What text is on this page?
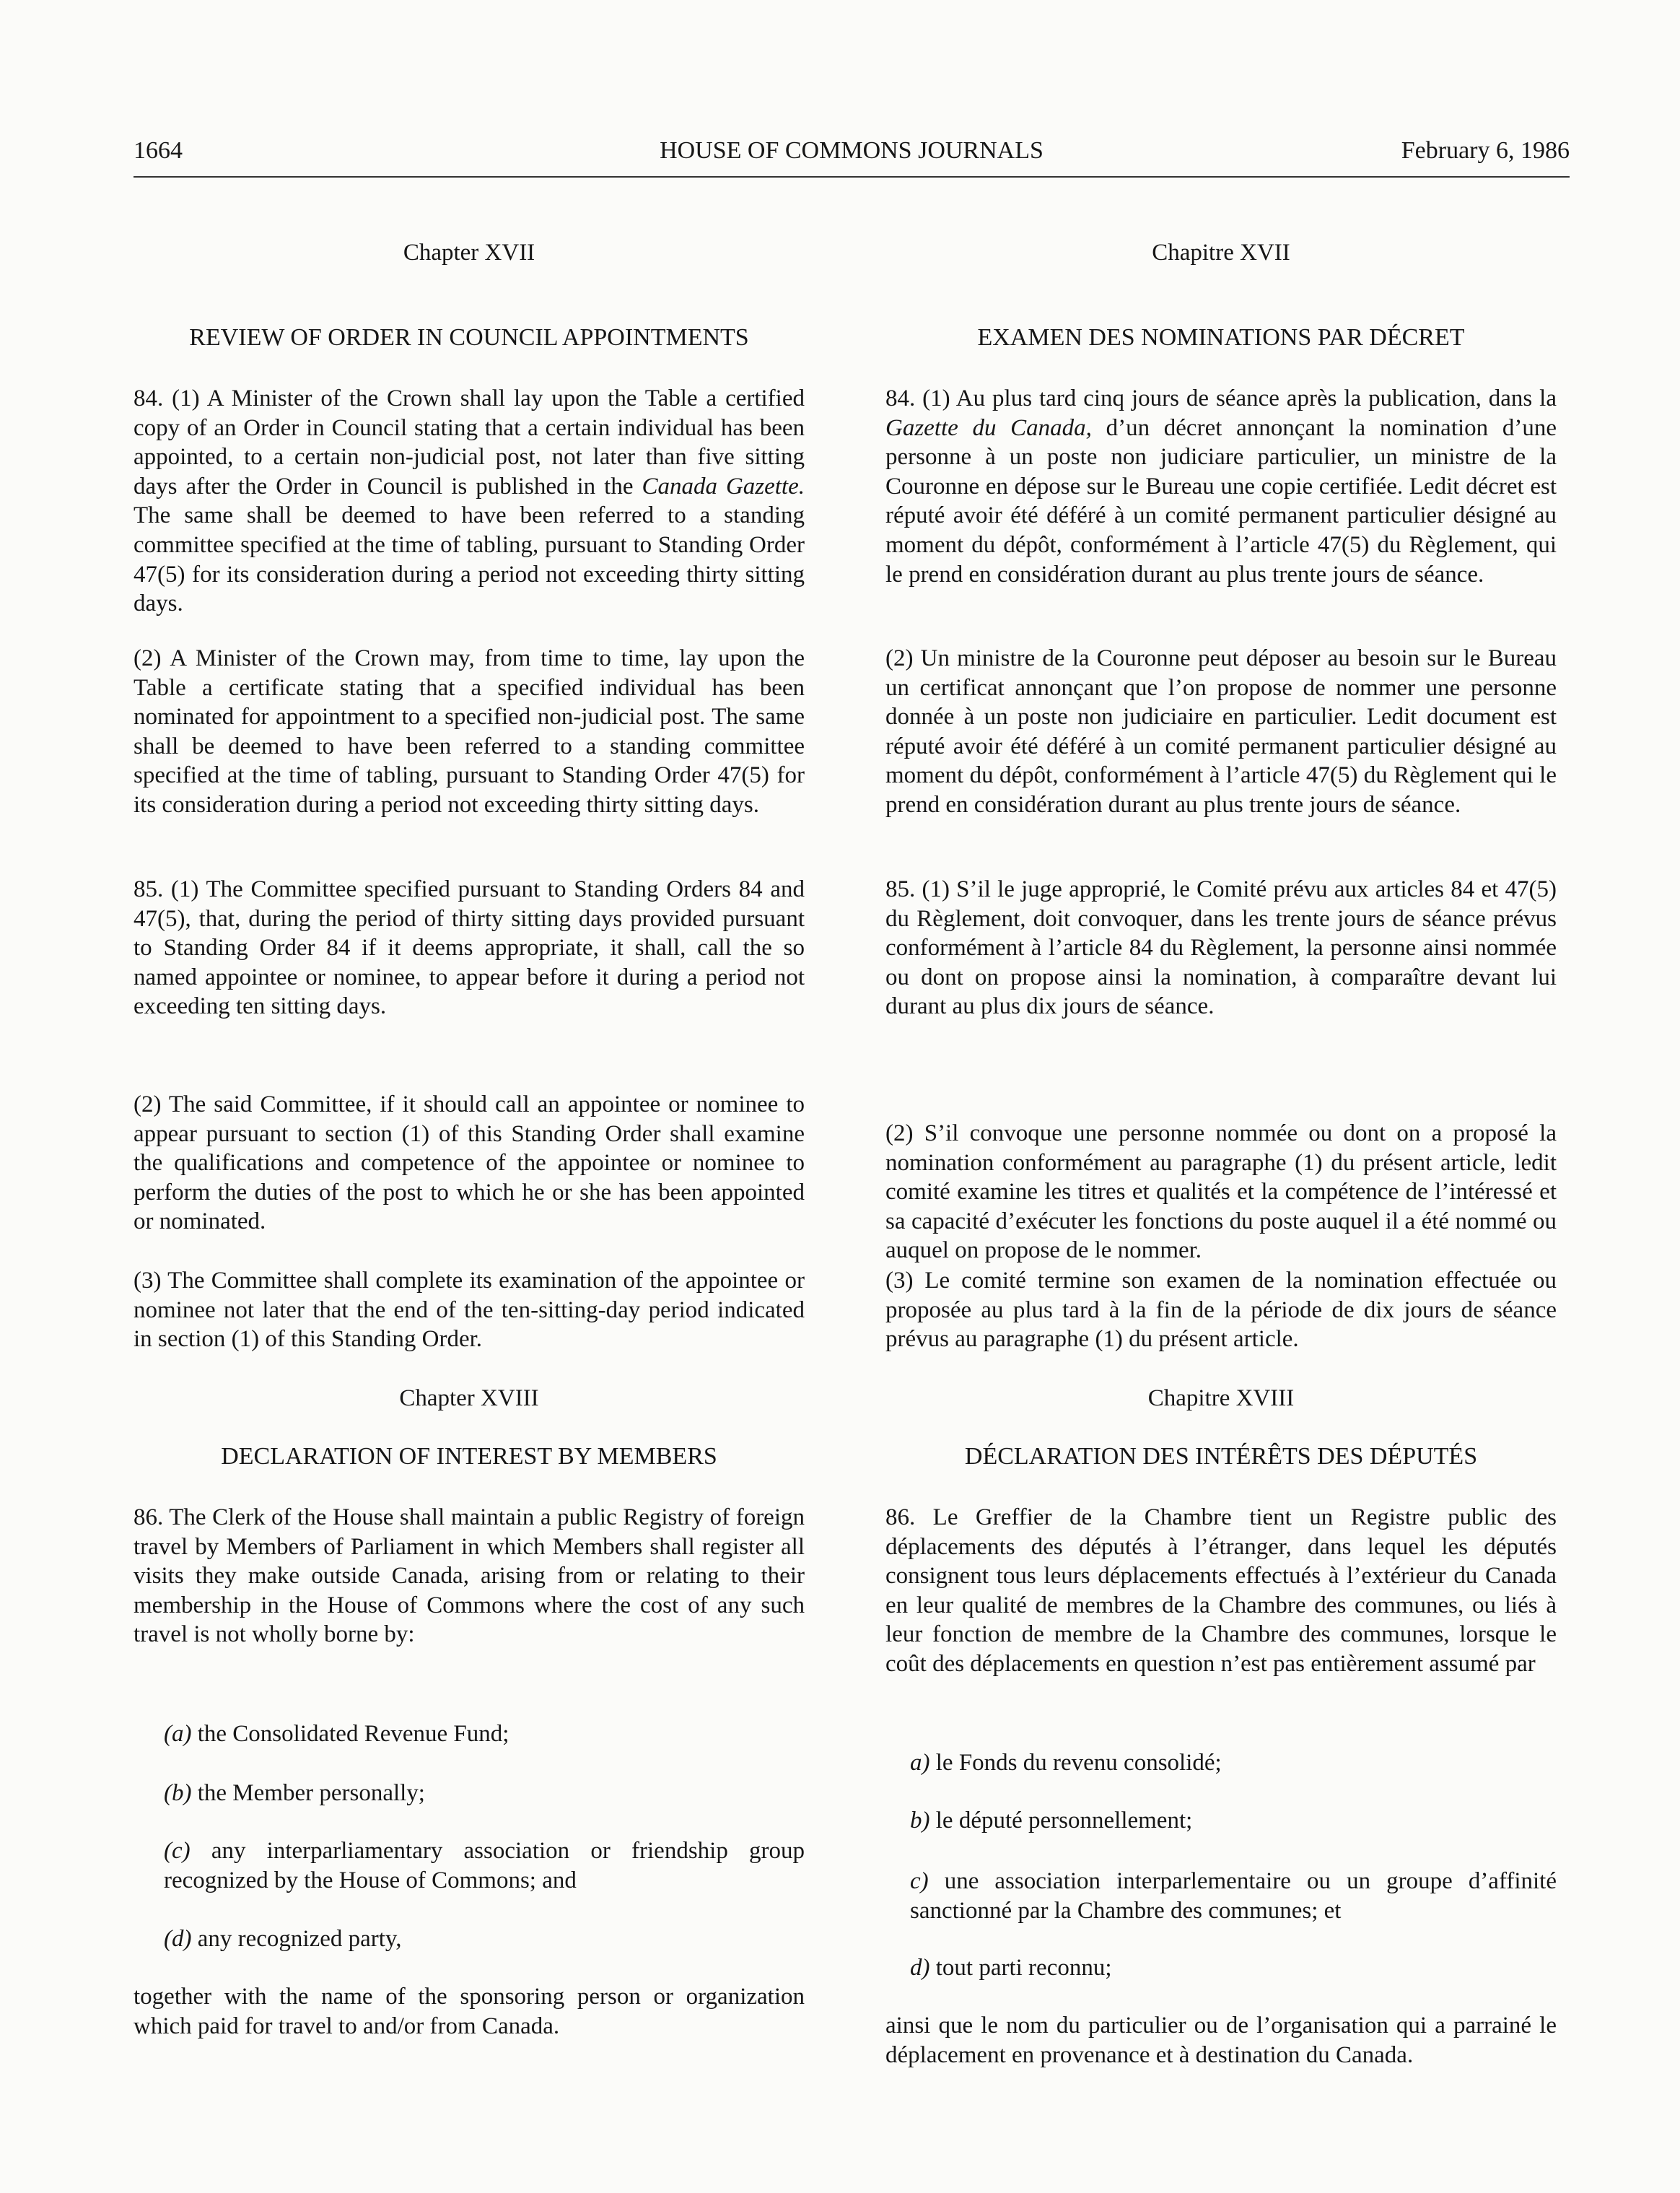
1664	HOUSE OF COMMONS JOURNALS	February 6, 1986

Chapter XVII

REVIEW OF ORDER IN COUNCIL APPOINTMENTS

84. (1) A Minister of the Crown shall lay upon the Table a certified copy of an Order in Council stating that a certain individual has been appointed, to a certain non-judicial post, not later than five sitting days after the Order in Council is published in the Canada Gazette. The same shall be deemed to have been referred to a standing committee specified at the time of tabling, pursuant to Standing Order 47(5) for its consideration during a period not exceeding thirty sitting days.

(2) A Minister of the Crown may, from time to time, lay upon the Table a certificate stating that a specified individual has been nominated for appointment to a specified non-judicial post. The same shall be deemed to have been referred to a standing committee specified at the time of tabling, pursuant to Standing Order 47(5) for its consideration during a period not exceeding thirty sitting days.

85. (1) The Committee specified pursuant to Standing Orders 84 and 47(5), that, during the period of thirty sitting days provided pursuant to Standing Order 84 if it deems appropriate, it shall, call the so named appointee or nominee, to appear before it during a period not exceeding ten sitting days.

(2) The said Committee, if it should call an appointee or nominee to appear pursuant to section (1) of this Standing Order shall examine the qualifications and competence of the appointee or nominee to perform the duties of the post to which he or she has been appointed or nominated.

(3) The Committee shall complete its examination of the appointee or nominee not later that the end of the ten-sitting-day period indicated in section (1) of this Standing Order.

Chapter XVIII

DECLARATION OF INTEREST BY MEMBERS

86. The Clerk of the House shall maintain a public Registry of foreign travel by Members of Parliament in which Members shall register all visits they make outside Canada, arising from or relating to their membership in the House of Commons where the cost of any such travel is not wholly borne by:

(a) the Consolidated Revenue Fund;

(b) the Member personally;

(c) any interparliamentary association or friendship group recognized by the House of Commons; and

(d) any recognized party,

together with the name of the sponsoring person or organization which paid for travel to and/or from Canada.

Chapitre XVII

EXAMEN DES NOMINATIONS PAR DÉCRET

84. (1) Au plus tard cinq jours de séance après la publication, dans la Gazette du Canada, d’un décret annonçant la nomination d’une personne à un poste non judiciare particulier, un ministre de la Couronne en dépose sur le Bureau une copie certifiée. Ledit décret est réputé avoir été déféré à un comité permanent particulier désigné au moment du dépôt, conformément à l’article 47(5) du Règlement, qui le prend en considération durant au plus trente jours de séance.

(2) Un ministre de la Couronne peut déposer au besoin sur le Bureau un certificat annonçant que l’on propose de nommer une personne donnée à un poste non judiciaire en particulier. Ledit document est réputé avoir été déféré à un comité permanent particulier désigné au moment du dépôt, conformément à l’article 47(5) du Règlement qui le prend en considération durant au plus trente jours de séance.

85. (1) S’il le juge approprié, le Comité prévu aux articles 84 et 47(5) du Règlement, doit convoquer, dans les trente jours de séance prévus conformément à l’article 84 du Règlement, la personne ainsi nommée ou dont on propose ainsi la nomination, à comparaître devant lui durant au plus dix jours de séance.

(2) S’il convoque une personne nommée ou dont on a proposé la nomination conformément au paragraphe (1) du présent article, ledit comité examine les titres et qualités et la compétence de l’intéressé et sa capacité d’exécuter les fonctions du poste auquel il a été nommé ou auquel on propose de le nommer.

(3) Le comité termine son examen de la nomination effectuée ou proposée au plus tard à la fin de la période de dix jours de séance prévus au paragraphe (1) du présent article.

Chapitre XVIII

DÉCLARATION DES INTÉRÊTS DES DÉPUTÉS

86. Le Greffier de la Chambre tient un Registre public des déplacements des députés à l’étranger, dans lequel les députés consignent tous leurs déplacements effectués à l’extérieur du Canada en leur qualité de membres de la Chambre des communes, ou liés à leur fonction de membre de la Chambre des communes, lorsque le coût des déplacements en question n’est pas entièrement assumé par

a) le Fonds du revenu consolidé;

b) le député personnellement;

c) une association interparlementaire ou un groupe d’affinité sanctionné par la Chambre des communes; et

d) tout parti reconnu;

ainsi que le nom du particulier ou de l’organisation qui a parrainé le déplacement en provenance et à destination du Canada.
